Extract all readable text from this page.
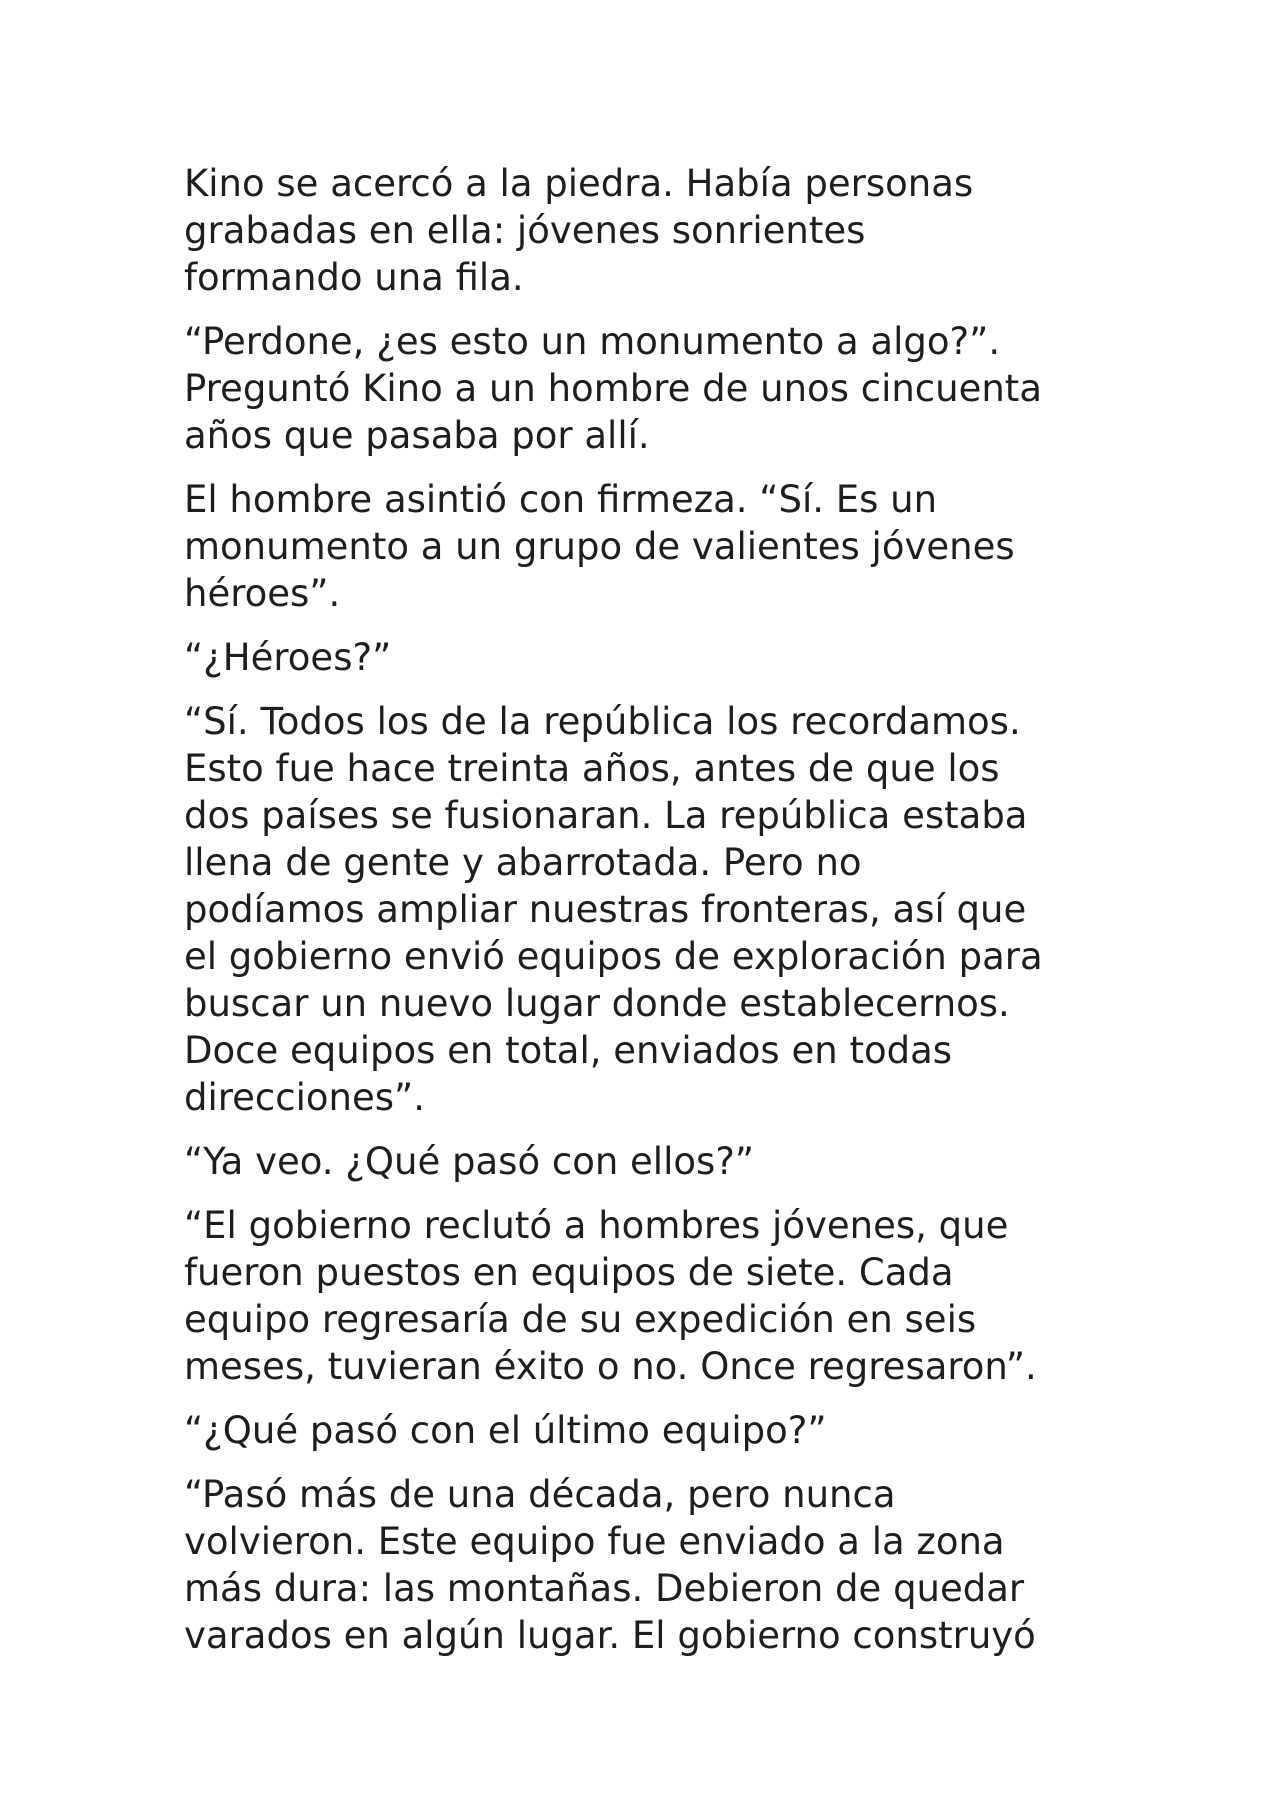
Kino se acercó a la piedra. Había personas
grabadas en ella: jóvenes sonrientes
formando una fila.

“Perdone, ¿es esto un monumento a algo?”.
Preguntó Kino a un hombre de unos cincuenta
años que pasaba por allí.

El hombre asintió con firmeza. “Sí. Es un
monumento a un grupo de valientes jóvenes
héroes”.

“¿Héroes?”

“Sí. Todos los de la república los recordamos.
Esto fue hace treinta años, antes de que los
dos países se fusionaran. La república estaba
llena de gente y abarrotada. Pero no
podíamos ampliar nuestras fronteras, así que
el gobierno envió equipos de exploración para
buscar un nuevo lugar donde establecernos.
Doce equipos en total, enviados en todas
direcciones”.

“Ya veo. ¿Qué pasó con ellos?”

“El gobierno reclutó a hombres jóvenes, que
fueron puestos en equipos de siete. Cada
equipo regresaría de su expedición en seis
meses, tuvieran éxito o no. Once regresaron”.

“¿Qué pasó con el último equipo?”

“Pasó más de una década, pero nunca
volvieron. Este equipo fue enviado a la zona
más dura: las montañas. Debieron de quedar
varados en algún lugar. El gobierno construyó
